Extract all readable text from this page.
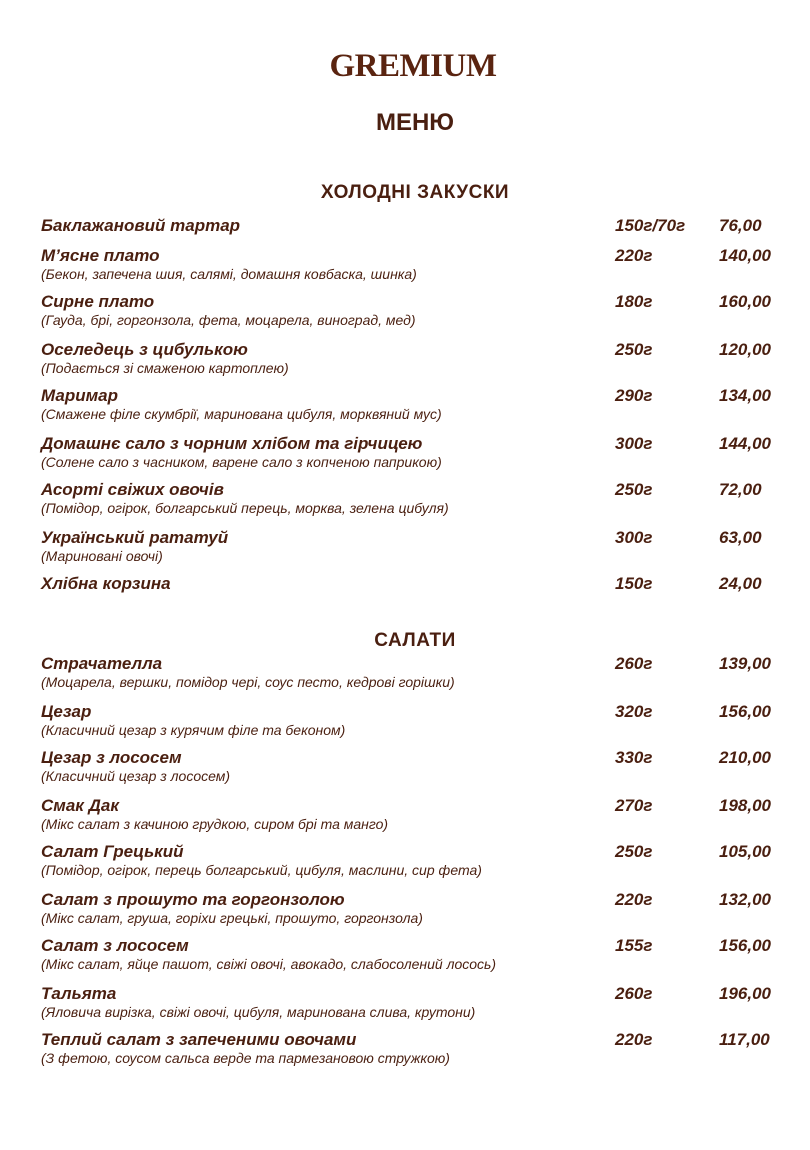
GREMIUM
МЕНЮ
ХОЛОДНІ ЗАКУСКИ
Баклажановий тартар	150г/70г 76,00
М’ясне плато
(Бекон, запечена шия, салямі, домашня ковбаска, шинка)
220г	140,00
Сирне плато
(Гауда, брі, горгонзола, фета, моцарела, виноград, мед)
180г	160,00
Оселедець з цибулькою
(Подається зі смаженою картоплею)
250г	120,00
Маримар
(Смажене філе скумбрії, маринована цибуля, морквяний мус)
290г	134,00
Домашнє сало з чорним хлібом та гірчицею
(Солене сало з часником, варене сало з копченою паприкою)
300г	144,00
Асорті свіжих овочів
(Помідор, огірок, болгарський перець, морква, зелена цибуля)
250г	72,00
Український рататуй
(Мариновані овочі)
300г	63,00
Хлібна корзина	150г	24,00
САЛАТИ
Страчателла
(Моцарела, вершки, помідор чері, соус песто, кедрові горішки)
260г	139,00
Цезар
(Класичний цезар з курячим філе та беконом)
320г	156,00
Цезар з лососем
(Класичний цезар з лососем)
330г	210,00
Смак Дак
(Мікс салат з качиною грудкою, сиром брі та манго)
270г	198,00
Салат Грецький
(Помідор, огірок, перець болгарський, цибуля, маслини, сир фета)
250г	105,00
Салат з прошуто та горгонзолою
(Мікс салат, груша, горіхи грецькі, прошуто, горгонзола)
220г	132,00
Салат з лососем
(Мікс салат, яйце пашот, свіжі овочі, авокадо, слабосолений лосось)
155г	156,00
Тальята
(Яловича вирізка, свіжі овочі, цибуля, маринована слива, крутони)
260г	196,00
Теплий салат з запеченими овочами
(З фетою, соусом сальса верде та пармезановою стружкою)
220г	117,00
